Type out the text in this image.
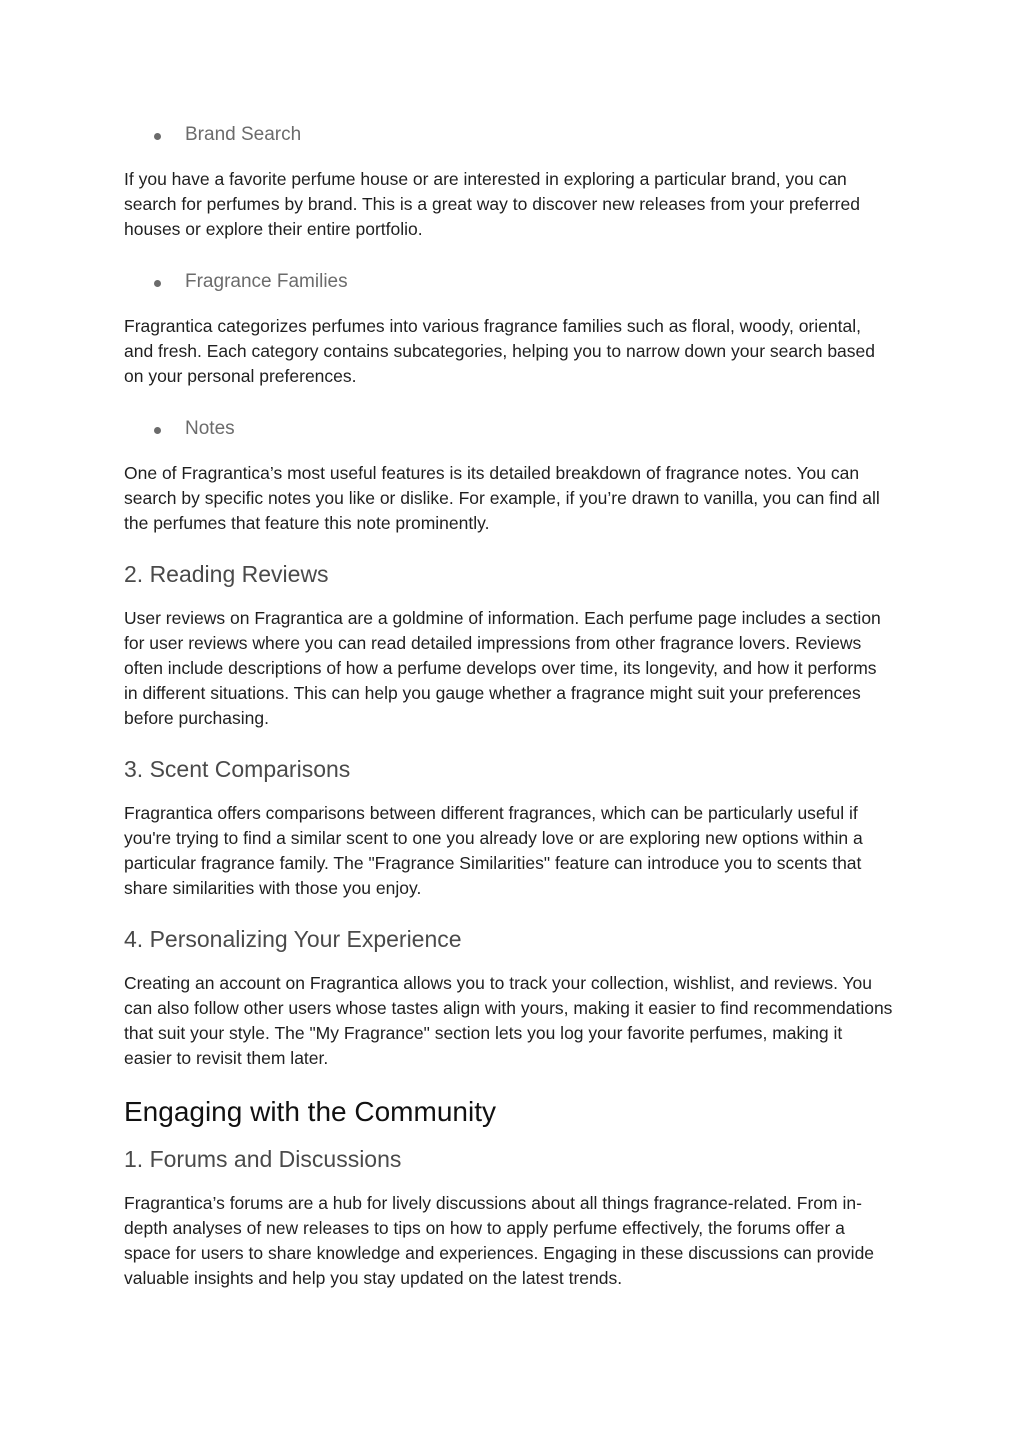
Brand Search

If you have a favorite perfume house or are interested in exploring a particular brand, you can search for perfumes by brand. This is a great way to discover new releases from your preferred houses or explore their entire portfolio.

Fragrance Families

Fragrantica categorizes perfumes into various fragrance families such as floral, woody, oriental, and fresh. Each category contains subcategories, helping you to narrow down your search based on your personal preferences.

Notes

One of Fragrantica’s most useful features is its detailed breakdown of fragrance notes. You can search by specific notes you like or dislike. For example, if you’re drawn to vanilla, you can find all the perfumes that feature this note prominently.

2. Reading Reviews

User reviews on Fragrantica are a goldmine of information. Each perfume page includes a section for user reviews where you can read detailed impressions from other fragrance lovers. Reviews often include descriptions of how a perfume develops over time, its longevity, and how it performs in different situations. This can help you gauge whether a fragrance might suit your preferences before purchasing.

3. Scent Comparisons

Fragrantica offers comparisons between different fragrances, which can be particularly useful if you're trying to find a similar scent to one you already love or are exploring new options within a particular fragrance family. The "Fragrance Similarities" feature can introduce you to scents that share similarities with those you enjoy.

4. Personalizing Your Experience

Creating an account on Fragrantica allows you to track your collection, wishlist, and reviews. You can also follow other users whose tastes align with yours, making it easier to find recommendations that suit your style. The "My Fragrance" section lets you log your favorite perfumes, making it easier to revisit them later.

Engaging with the Community
1. Forums and Discussions

Fragrantica’s forums are a hub for lively discussions about all things fragrance-related. From in-depth analyses of new releases to tips on how to apply perfume effectively, the forums offer a space for users to share knowledge and experiences. Engaging in these discussions can provide valuable insights and help you stay updated on the latest trends.
